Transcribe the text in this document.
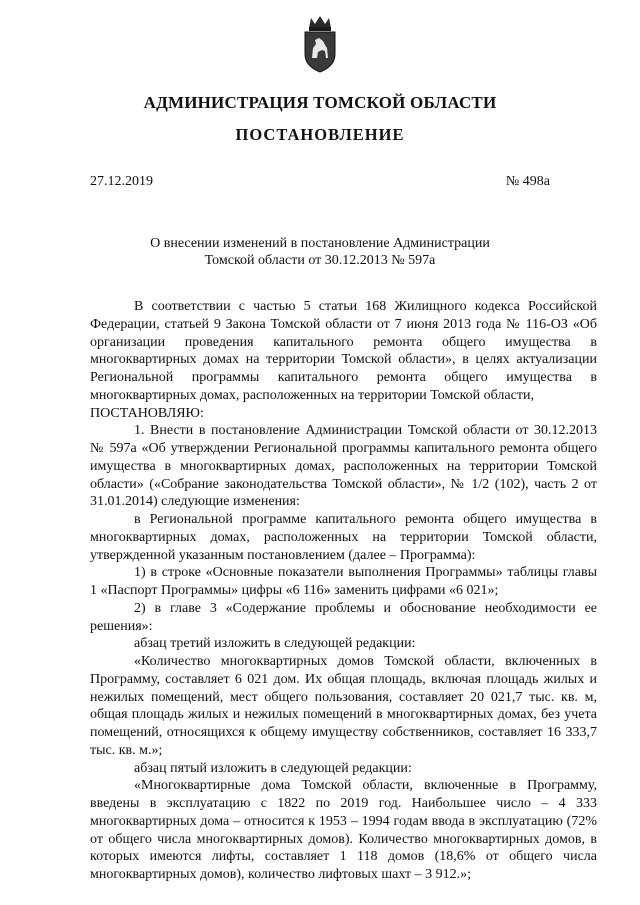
АДМИНИСТРАЦИЯ ТОМСКОЙ ОБЛАСТИ
ПОСТАНОВЛЕНИЕ
27.12.2019	№ 498а
О внесении изменений в постановление Администрации
Томской области от 30.12.2013 № 597а

В соответствии с частью 5 статьи 168 Жилищного кодекса Российской Федерации, статьей 9 Закона Томской области от 7 июня 2013 года № 116-ОЗ «Об организации проведения капитального ремонта общего имущества в многоквартирных домах на территории Томской области», в целях актуализации Региональной программы капитального ремонта общего имущества в многоквартирных домах, расположенных на территории Томской области,

ПОСТАНОВЛЯЮ:

1. Внести в постановление Администрации Томской области от 30.12.2013 № 597а «Об утверждении Региональной программы капитального ремонта общего имущества в многоквартирных домах, расположенных на территории Томской области» («Собрание законодательства Томской области», № 1/2 (102), часть 2 от 31.01.2014) следующие изменения:

в Региональной программе капитального ремонта общего имущества в многоквартирных домах, расположенных на территории Томской области, утвержденной указанным постановлением (далее – Программа):

1) в строке «Основные показатели выполнения Программы» таблицы главы 1 «Паспорт Программы» цифры «6 116» заменить цифрами «6 021»;

2) в главе 3 «Содержание проблемы и обоснование необходимости ее решения»:

абзац третий изложить в следующей редакции:

«Количество многоквартирных домов Томской области, включенных в Программу, составляет 6 021 дом. Их общая площадь, включая площадь жилых и нежилых помещений, мест общего пользования, составляет 20 021,7 тыс. кв. м, общая площадь жилых и нежилых помещений в многоквартирных домах, без учета помещений, относящихся к общему имуществу собственников, составляет 16 333,7 тыс. кв. м.»;

абзац пятый изложить в следующей редакции:

«Многоквартирные дома Томской области, включенные в Программу, введены в эксплуатацию с 1822 по 2019 год. Наибольшее число – 4 333 многоквартирных дома – относится к 1953 – 1994 годам ввода в эксплуатацию (72% от общего числа многоквартирных домов). Количество многоквартирных домов, в которых имеются лифты, составляет 1 118 домов (18,6% от общего числа многоквартирных домов), количество лифтовых шахт – 3 912.»;
